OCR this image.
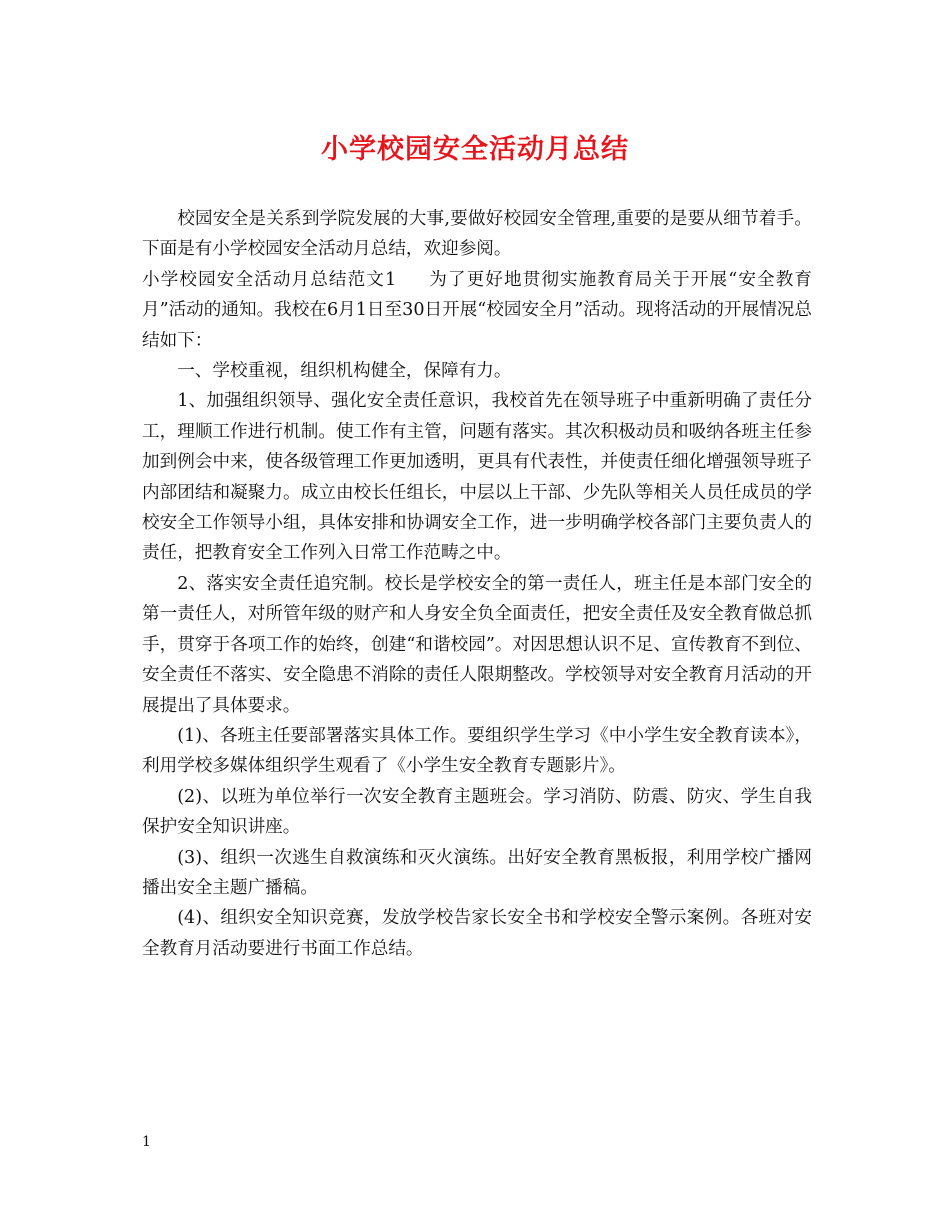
小学校园安全活动月总结

校园安全是关系到学院发展的大事,要做好校园安全管理,重要的是要从细节着手。下面是有小学校园安全活动月总结，欢迎参阅。

小学校园安全活动月总结范文1 为了更好地贯彻实施教育局关于开展“安全教育月”活动的通知。我校在6月1日至30日开展“校园安全月”活动。现将活动的开展情况总结如下：

一、学校重视，组织机构健全，保障有力。

1、加强组织领导、强化安全责任意识，我校首先在领导班子中重新明确了责任分工，理顺工作进行机制。使工作有主管，问题有落实。其次积极动员和吸纳各班主任参加到例会中来，使各级管理工作更加透明，更具有代表性，并使责任细化增强领导班子内部团结和凝聚力。成立由校长任组长，中层以上干部、少先队等相关人员任成员的学校安全工作领导小组，具体安排和协调安全工作，进一步明确学校各部门主要负责人的责任，把教育安全工作列入日常工作范畴之中。

2、落实安全责任追究制。校长是学校安全的第一责任人，班主任是本部门安全的第一责任人，对所管年级的财产和人身安全负全面责任，把安全责任及安全教育做总抓手，贯穿于各项工作的始终，创建“和谐校园”。对因思想认识不足、宣传教育不到位、安全责任不落实、安全隐患不消除的责任人限期整改。学校领导对安全教育月活动的开展提出了具体要求。

(1)、各班主任要部署落实具体工作。要组织学生学习《中小学生安全教育读本》，利用学校多媒体组织学生观看了《小学生安全教育专题影片》。

(2)、以班为单位举行一次安全教育主题班会。学习消防、防震、防灾、学生自我保护安全知识讲座。

(3)、组织一次逃生自救演练和灭火演练。出好安全教育黑板报，利用学校广播网播出安全主题广播稿。

(4)、组织安全知识竞赛，发放学校告家长安全书和学校安全警示案例。各班对安全教育月活动要进行书面工作总结。

1
